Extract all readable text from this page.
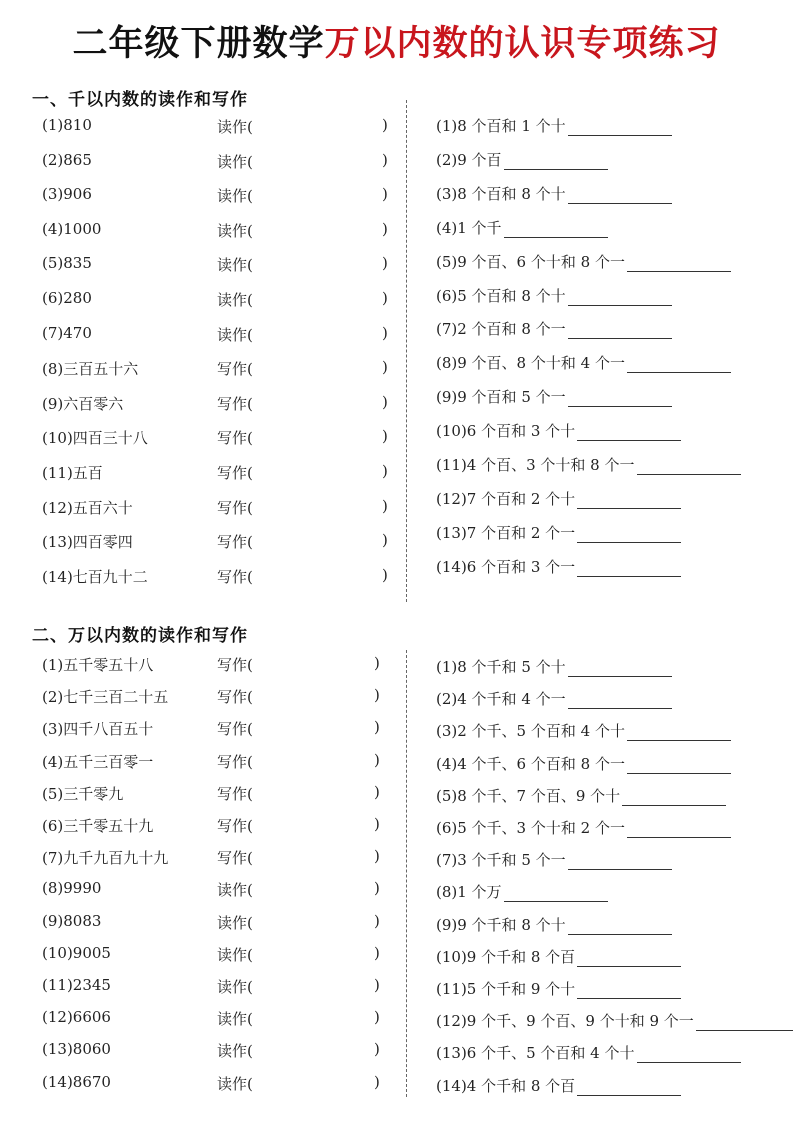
二年级下册数学万以内数的认识专项练习
一、千以内数的读作和写作
(1)810	读作(	)
(2)865	读作(	)
(3)906	读作(	)
(4)1000	读作(	)
(5)835	读作(	)
(6)280	读作(	)
(7)470	读作(	)
(8)三百五十六	写作(	)
(9)六百零六	写作(	)
(10)四百三十八	写作(	)
(11)五百	写作(	)
(12)五百六十	写作(	)
(13)四百零四	写作(	)
(14)七百九十二	写作(	)
(1)8 个百和 1 个十
(2)9 个百
(3)8 个百和 8 个十
(4)1 个千
(5)9 个百、6 个十和 8 个一
(6)5 个百和 8 个十
(7)2 个百和 8 个一
(8)9 个百、8 个十和 4 个一
(9)9 个百和 5 个一
(10)6 个百和 3 个十
(11)4 个百、3 个十和 8 个一
(12)7 个百和 2 个十
(13)7 个百和 2 个一
(14)6 个百和 3 个一
二、万以内数的读作和写作
(1)五千零五十八	写作(	)
(2)七千三百二十五	写作(	)
(3)四千八百五十	写作(	)
(4)五千三百零一	写作(	)
(5)三千零九	写作(	)
(6)三千零五十九	写作(	)
(7)九千九百九十九	写作(	)
(8)9990	读作(	)
(9)8083	读作(	)
(10)9005	读作(	)
(11)2345	读作(	)
(12)6606	读作(	)
(13)8060	读作(	)
(14)8670	读作(	)
(1)8 个千和 5 个十
(2)4 个千和 4 个一
(3)2 个千、5 个百和 4 个十
(4)4 个千、6 个百和 8 个一
(5)8 个千、7 个百、9 个十
(6)5 个千、3 个十和 2 个一
(7)3 个千和 5 个一
(8)1 个万
(9)9 个千和 8 个十
(10)9 个千和 8 个百
(11)5 个千和 9 个十
(12)9 个千、9 个百、9 个十和 9 个一
(13)6 个千、5 个百和 4 个十
(14)4 个千和 8 个百
